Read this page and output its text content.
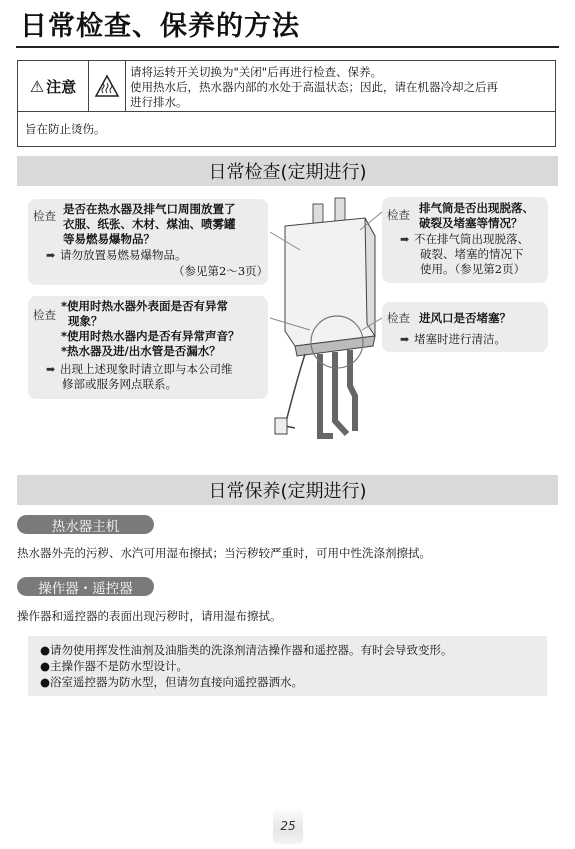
日常检查、保养的方法
⚠ 注意
请将运转开关切换为"关闭"后再进行检查、保养。
使用热水后，热水器内部的水处于高温状态；因此，请在机器冷却之后再
进行排水。
旨在防止烫伤。
日常检查(定期进行)
检查 是否在热水器及排气口周围放置了
衣服、纸张、木材、煤油、喷雾罐
等易燃易爆物品？
➡ 请勿放置易燃易爆物品。
（参见第2～3页）
检查
*使用时热水器外表面是否有异常
现象？
*使用时热水器内是否有异常声音？
*热水器及进/出水管是否漏水？
➡ 出现上述现象时请立即与本公司维
修部或服务网点联系。
检查 排气筒是否出现脱落、
破裂及堵塞等情况？
➡ 不在排气筒出现脱落、
破裂、堵塞的情况下
使用。（参见第2页）
检查 进风口是否堵塞？
➡ 堵塞时进行清洁。
日常保养(定期进行)
热水器主机
热水器外壳的污秽、水汽可用湿布擦拭；当污秽较严重时，可用中性洗涤剂擦拭。
操作器・遥控器
操作器和遥控器的表面出现污秽时，请用湿布擦拭。
●请勿使用挥发性油剂及油脂类的洗涤剂清洁操作器和遥控器。有时会导致变形。
●主操作器不是防水型设计。
●浴室遥控器为防水型，但请勿直接向遥控器洒水。
25
